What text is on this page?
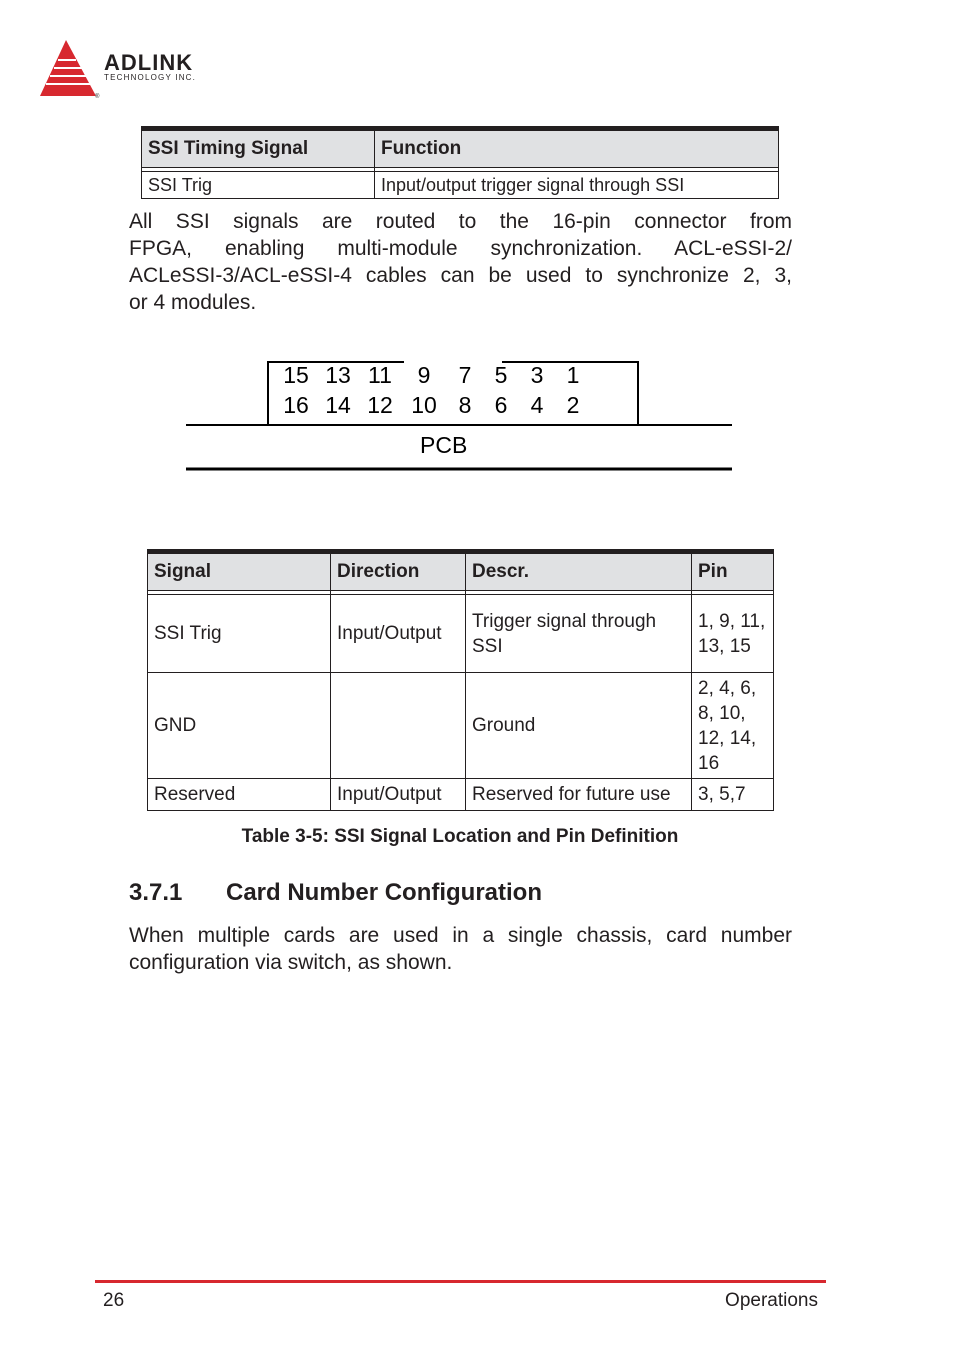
®
ADLINK
TECHNOLOGY INC.
SSI Timing Signal	Function

SSI Trig	Input/output trigger signal through SSI
All SSI signals are routed to the 16-pin connector from
FPGA, enabling multi-module synchronization. ACL-eSSI-2/
ACLeSSI-3/ACL-eSSI-4 cables can be used to synchronize 2, 3,
or 4 modules.
15 13 11	9	7	5	3	1
16 14 12 10 8	6	4	2
PCB
Signal	Direction	Descr.	Pin

SSI Trig	Input/Output	Trigger signal through SSI	1, 9, 11, 13, 15
GND		Ground	2, 4, 6, 8, 10, 12, 14, 16
Reserved	Input/Output	Reserved for future use	3, 5,7
Table 3-5: SSI Signal Location and Pin Definition
3.7.1 Card Number Configuration
When multiple cards are used in a single chassis, card number
configuration via switch, as shown.
26	Operations
